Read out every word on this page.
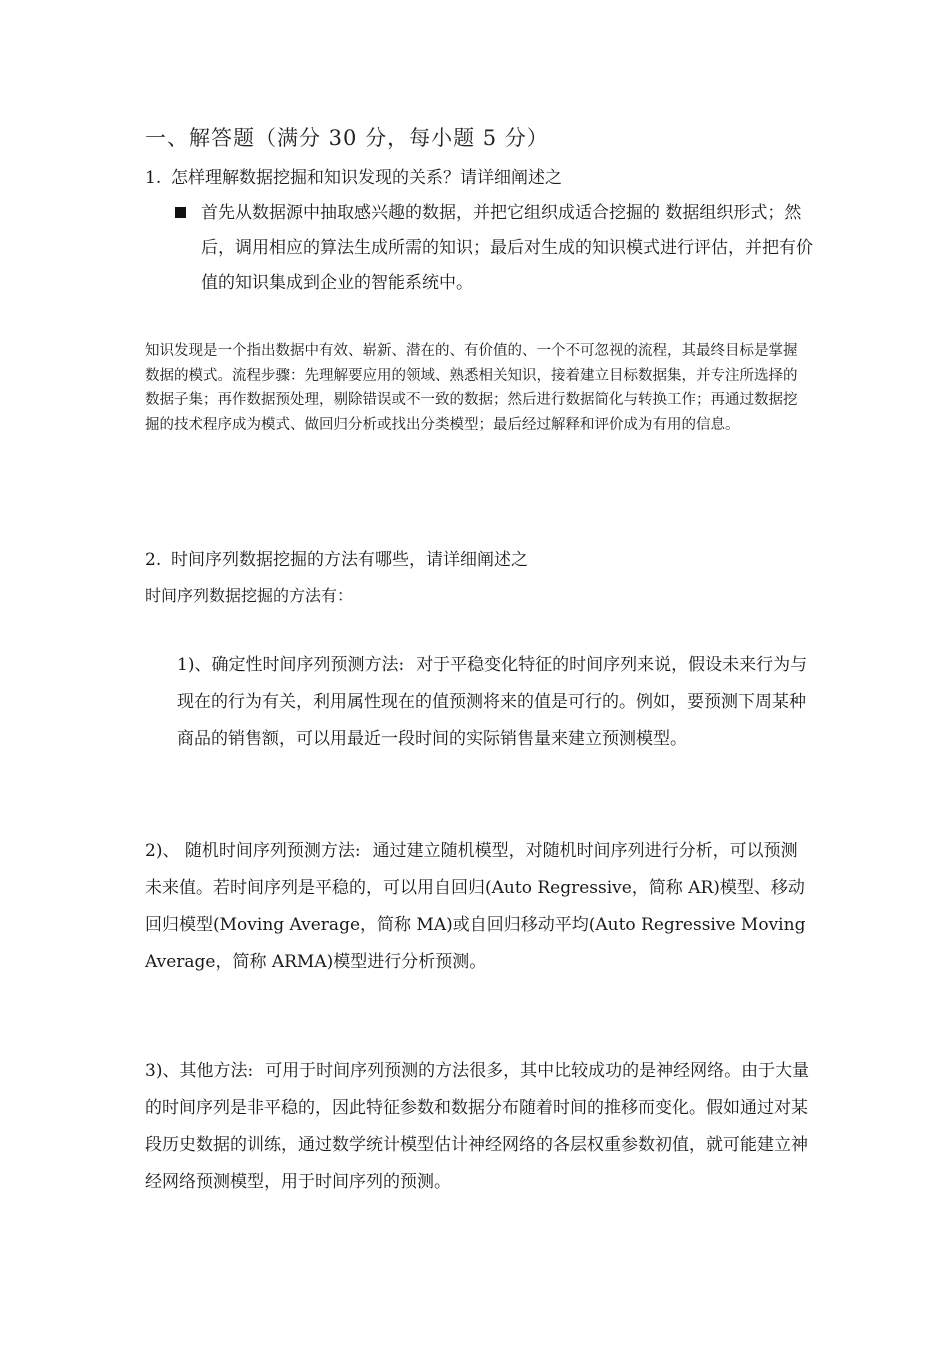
一、解答题（满分 30 分，每小题 5 分）
1. 怎样理解数据挖掘和知识发现的关系？请详细阐述之
首先从数据源中抽取感兴趣的数据，并把它组织成适合挖掘的 数据组织形式；然后，调用相应的算法生成所需的知识；最后对生成的知识模式进行评估，并把有价值的知识集成到企业的智能系统中。
知识发现是一个指出数据中有效、崭新、潜在的、有价值的、一个不可忽视的流程，其最终目标是掌握数据的模式。流程步骤：先理解要应用的领域、熟悉相关知识，接着建立目标数据集，并专注所选择的数据子集；再作数据预处理，剔除错误或不一致的数据；然后进行数据简化与转换工作；再通过数据挖掘的技术程序成为模式、做回归分析或找出分类模型；最后经过解释和评价成为有用的信息。
2. 时间序列数据挖掘的方法有哪些，请详细阐述之
时间序列数据挖掘的方法有：
1)、确定性时间序列预测方法: 对于平稳变化特征的时间序列来说，假设未来行为与现在的行为有关，利用属性现在的值预测将来的值是可行的。例如，要预测下周某种商品的销售额，可以用最近一段时间的实际销售量来建立预测模型。
2)、 随机时间序列预测方法: 通过建立随机模型，对随机时间序列进行分析，可以预测未来值。若时间序列是平稳的，可以用自回归(Auto Regressive，简称 AR)模型、移动回归模型(Moving Average，简称 MA)或自回归移动平均(Auto Regressive Moving Average，简称 ARMA)模型进行分析预测。
3)、其他方法: 可用于时间序列预测的方法很多，其中比较成功的是神经网络。由于大量的时间序列是非平稳的，因此特征参数和数据分布随着时间的推移而变化。假如通过对某段历史数据的训练，通过数学统计模型估计神经网络的各层权重参数初值，就可能建立神经网络预测模型，用于时间序列的预测。
